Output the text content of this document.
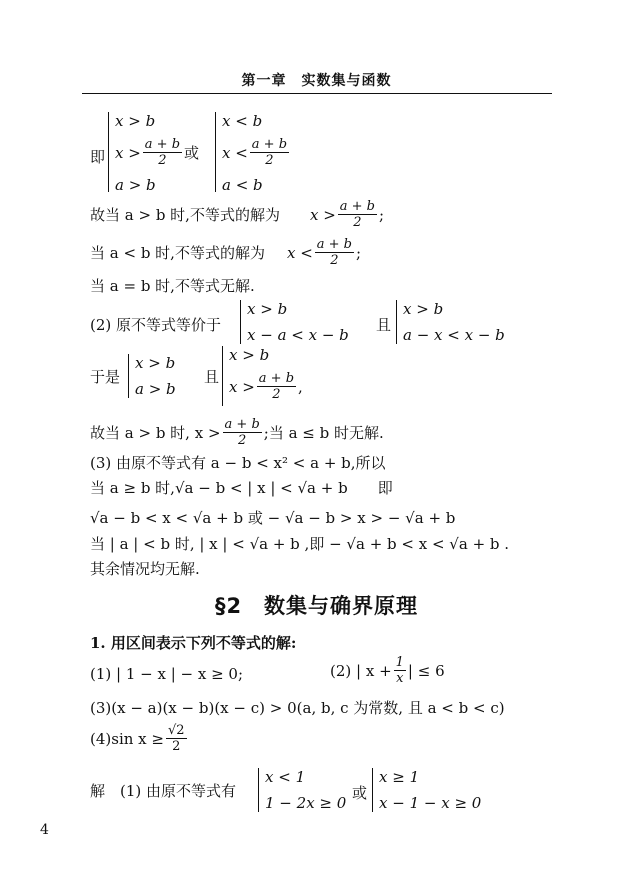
第一章　实数集与函数
即
x > b
$x > \frac{a + b}{2}$ 或
a > b
x < b
$x < \frac{a + b}{2}$
a < b
故当 a > b 时,不等式的解为 $x > \frac{a + b}{2}$ ;
当 a < b 时,不等式的解为 $x < \frac{a + b}{2}$ ;
当 a = b 时,不等式无解.
(2) 原不等式等价于
x > b
x − a < x − b
且
x > b
a − x < x − b
于是
x > b
a > b
且
x > b
$x > \frac{a + b}{2}$ ,
故当 a > b 时, $x > \frac{a + b}{2}$ ;当 a ≤ b 时无解.
(3) 由原不等式有 a − b < x² < a + b,所以
当 a ≥ b 时,√a − b < | x | < √a + b　　即
√a − b < x < √a + b 或 − √a − b > x > − √a + b
当 | a | < b 时, | x | < √a + b ,即 − √a + b < x < √a + b .
其余情况均无解.
§2　数集与确界原理
1. 用区间表示下列不等式的解:
(1) | 1 − x | − x ≥ 0;	(2) | $x + \frac{1}{x}$ | ≤ 6
(3)(x − a)(x − b)(x − c) > 0(a, b, c 为常数, 且 a < b < c)
(4)sin $x \ge \frac{√2}{2}$
解　(1) 由原不等式有
x < 1
1 − 2x ≥ 0
或
x ≥ 1
x − 1 − x ≥ 0
4
